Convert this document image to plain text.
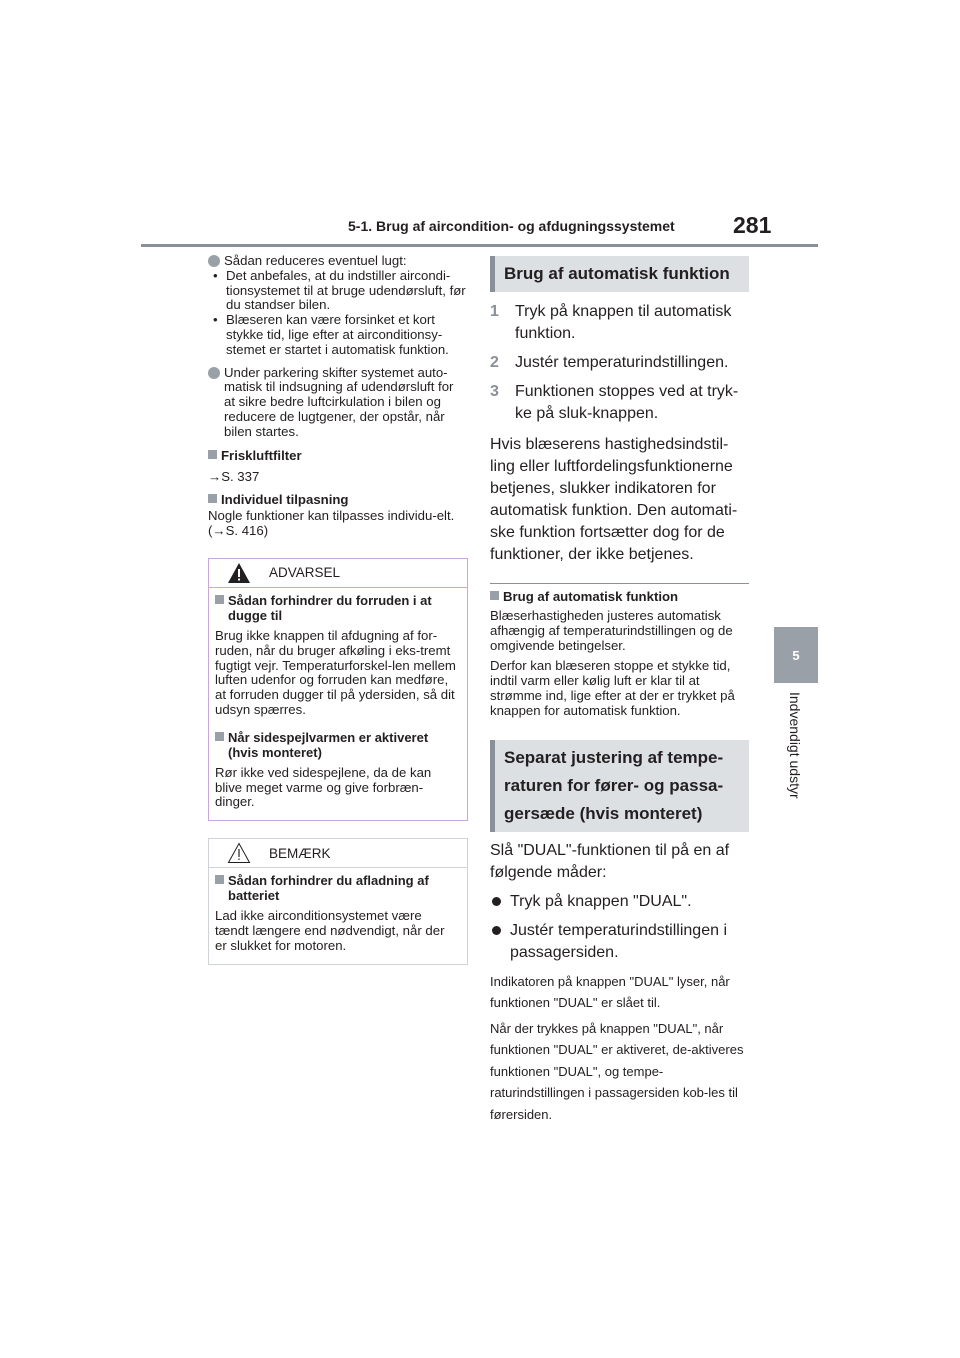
5-1. Brug af aircondition- og afdugningssystemet	281
5
Indvendigt udstyr
Sådan reduceres eventuel lugt:
• Det anbefales, at du indstiller aircondi-tionsystemet til at bruge udendørsluft, før du standser bilen.
• Blæseren kan være forsinket et kort stykke tid, lige efter at airconditionsy-stemet er startet i automatisk funktion.
Under parkering skifter systemet auto-matisk til indsugning af udendørsluft for at sikre bedre luftcirkulation i bilen og reducere de lugtgener, der opstår, når bilen startes.
Friskluftfilter

→S. 337

Individuel tilpasning

Nogle funktioner kan tilpasses individu-elt. (→S. 416)

ADVARSEL
Sådan forhindrer du forruden i at dugge til

Brug ikke knappen til afdugning af for-ruden, når du bruger afkøling i eks-tremt fugtigt vejr. Temperaturforskel-len mellem luften udenfor og forruden kan medføre, at forruden dugger til på ydersiden, så dit udsyn spærres.

Når sidespejlvarmen er aktiveret (hvis monteret)

Rør ikke ved sidespejlene, da de kan blive meget varme og give forbræn-dinger.

BEMÆRK
Sådan forhindrer du afladning af batteriet

Lad ikke airconditionsystemet være tændt længere end nødvendigt, når der er slukket for motoren.

Brug af automatisk funktion
1 Tryk på knappen til automatisk funktion.
2 Justér temperaturindstillingen.
3 Funktionen stoppes ved at tryk-ke på sluk-knappen.

Hvis blæserens hastighedsindstil-ling eller luftfordelingsfunktionerne betjenes, slukker indikatoren for automatisk funktion. Den automati-ske funktion fortsætter dog for de funktioner, der ikke betjenes.

Brug af automatisk funktion

Blæserhastigheden justeres automatisk afhængig af temperaturindstillingen og de omgivende betingelser.

Derfor kan blæseren stoppe et stykke tid, indtil varm eller kølig luft er klar til at strømme ind, lige efter at der er trykket på knappen for automatisk funktion.

Separat justering af tempe-raturen for fører- og passa-gersæde (hvis monteret)

Slå "DUAL"-funktionen til på en af følgende måder:

Tryk på knappen "DUAL".
Justér temperaturindstillingen i passagersiden.

Indikatoren på knappen "DUAL" lyser, når funktionen "DUAL" er slået til.

Når der trykkes på knappen "DUAL", når funktionen "DUAL" er aktiveret, de-aktiveres funktionen "DUAL", og tempe-raturindstillingen i passagersiden kob-les til førersiden.
